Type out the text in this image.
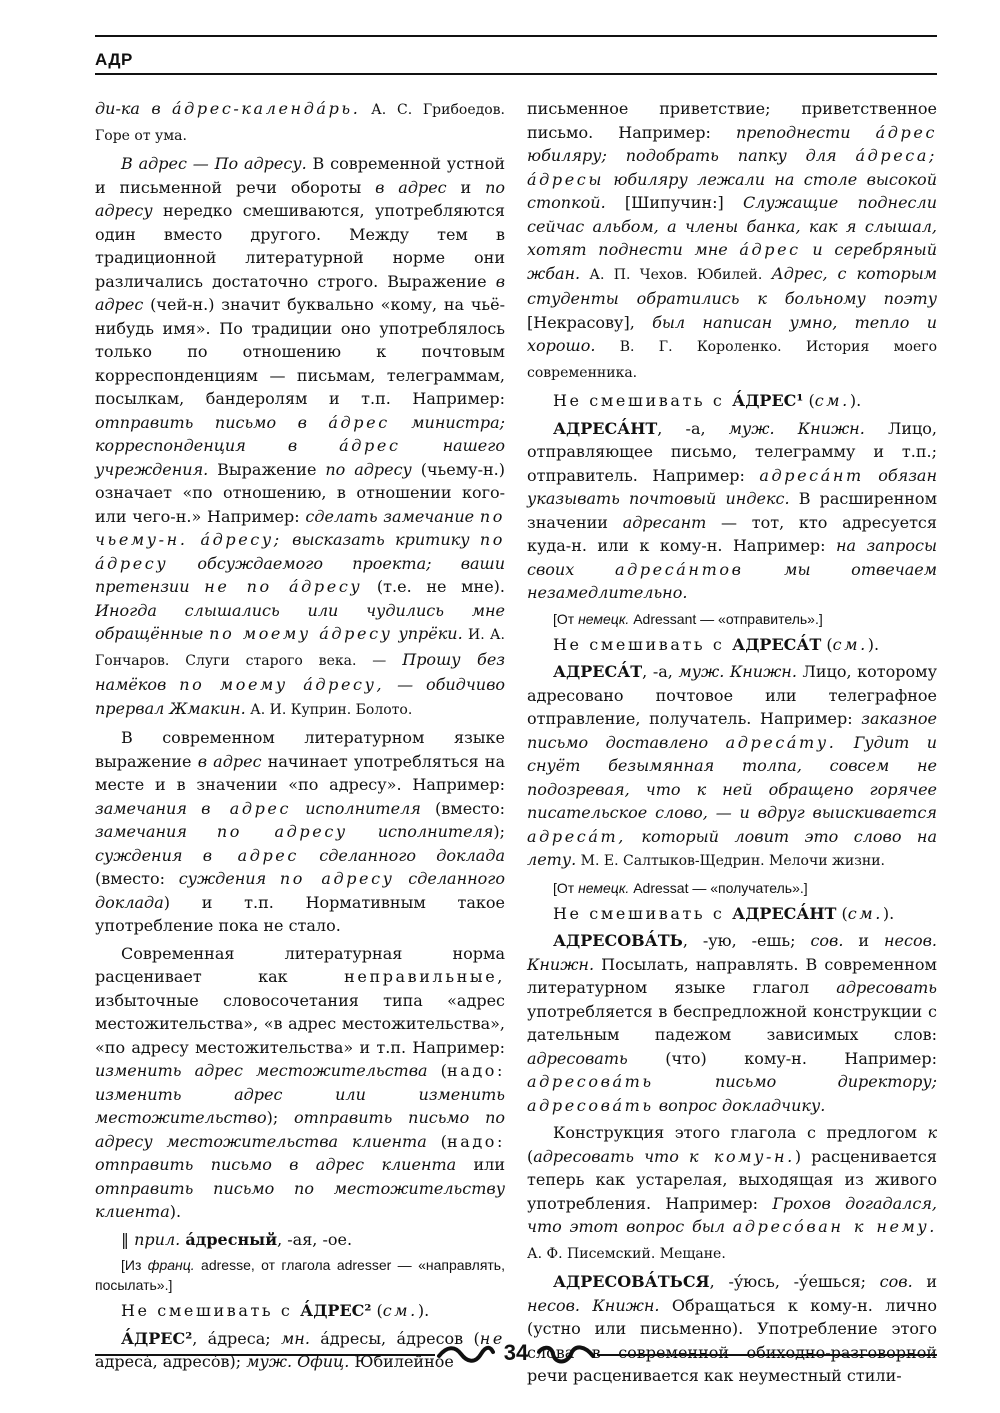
АДР

ди-ка в а́дрес-календа́рь. А. С. Грибоедов. Горе от ума.

В адрес — По адресу. В современной устной и письменной речи обороты в адрес и по адресу нередко смешиваются, употребляются один вместо другого. Между тем в традиционной литературной норме они различались достаточно строго. Выражение в адрес (чей-н.) значит буквально «кому, на чьё-нибудь имя». По традиции оно употреблялось только по отношению к почтовым корреспонденциям — письмам, телеграммам, посылкам, бандеролям и т.п. Например: отправить письмо в а́дрес министра; корреспонденция в а́дрес нашего учреждения. Выражение по адресу (чьему-н.) означает «по отношению, в отношении кого- или чего-н.» Например: сделать замечание по чьему-н. а́дресу; высказать критику по а́дресу обсуждаемого проекта; ваши претензии не по а́дресу (т.е. не мне). Иногда слышались или чудились мне обращённые по моему а́дресу упрёки. И. А. Гончаров. Слуги старого века. — Прошу без намёков по моему а́дресу, — обидчиво прервал Жмакин. А. И. Куприн. Болото.

В современном литературном языке выражение в адрес начинает употребляться на месте и в значении «по адресу». Например: замечания в адрес исполнителя (вместо: замечания по адресу исполнителя); суждения в адрес сделанного доклада (вместо: суждения по адресу сделанного доклада) и т.п. Нормативным такое употребление пока не стало.

Современная литературная норма расценивает как неправильные, избыточные словосочетания типа «адрес местожительства», «в адрес местожительства», «по адресу местожительства» и т.п. Например: изменить адрес местожительства (надо: изменить адрес или изменить местожительство); отправить письмо по адресу местожительства клиента (надо: отправить письмо в адрес клиента или отправить письмо по местожительству клиента).

‖ прил. а́дресный, -ая, -ое.

[Из франц. adresse, от глагола adresser — «направлять, посылать».]

Не смешивать с А́ДРЕС² (см.).

А́ДРЕС², а́дреса; мн. а́дресы, а́дресов (не адреса́, адресо́в); муж. Офиц. Юбилейное

письменное приветствие; приветственное письмо. Например: преподнести а́дрес юбиляру; подобрать папку для а́дреса; а́дресы юбиляру лежали на столе высокой стопкой. [Шипучин:] Служащие поднесли сейчас альбом, а члены банка, как я слышал, хотят поднести мне а́дрес и серебряный жбан. А. П. Чехов. Юбилей. Адрес, с которым студенты обратились к больному поэту [Некрасову], был написан умно, тепло и хорошо. В. Г. Короленко. История моего современника.

Не смешивать с А́ДРЕС¹ (см.).

АДРЕСА́НТ, -а, муж. Книжн. Лицо, отправляющее письмо, телеграмму и т.п.; отправитель. Например: адреса́нт обязан указывать почтовый индекс. В расширенном значении адресант — тот, кто адресуется куда-н. или к кому-н. Например: на запросы своих адреса́нтов мы отвечаем незамедлительно.

[От немецк. Adressant — «отправитель».]

Не смешивать с АДРЕСА́Т (см.).

АДРЕСА́Т, -а, муж. Книжн. Лицо, которому адресовано почтовое или телеграфное отправление, получатель. Например: заказное письмо доставлено адреса́ту. Гудит и снуёт безымянная толпа, совсем не подозревая, что к ней обращено горячее писательское слово, — и вдруг выискивается адреса́т, который ловит это слово на лету. М. Е. Салтыков-Щедрин. Мелочи жизни.

[От немецк. Adressat — «получатель».]

Не смешивать с АДРЕСА́НТ (см.).

АДРЕСОВА́ТЬ, -ую, -ешь; сов. и несов. Книжн. Посылать, направлять. В современном литературном языке глагол адресовать употребляется в беспредложной конструкции с дательным падежом зависимых слов: адресовать (что) кому-н. Например: адресова́ть письмо директору; адресова́ть вопрос докладчику.

Конструкция этого глагола с предлогом к (адресовать что к кому-н.) расценивается теперь как устарелая, выходящая из живого употребления. Например: Грохов догадался, что этот вопрос был адресо́ван к нему. А. Ф. Писемский. Мещане.

АДРЕСОВА́ТЬСЯ, -у́юсь, -у́ешься; сов. и несов. Книжн. Обращаться к кому-н. лично (устно или письменно). Употребление этого слова в современной обиходно-разговорной речи расценивается как неуместный стили-

34
